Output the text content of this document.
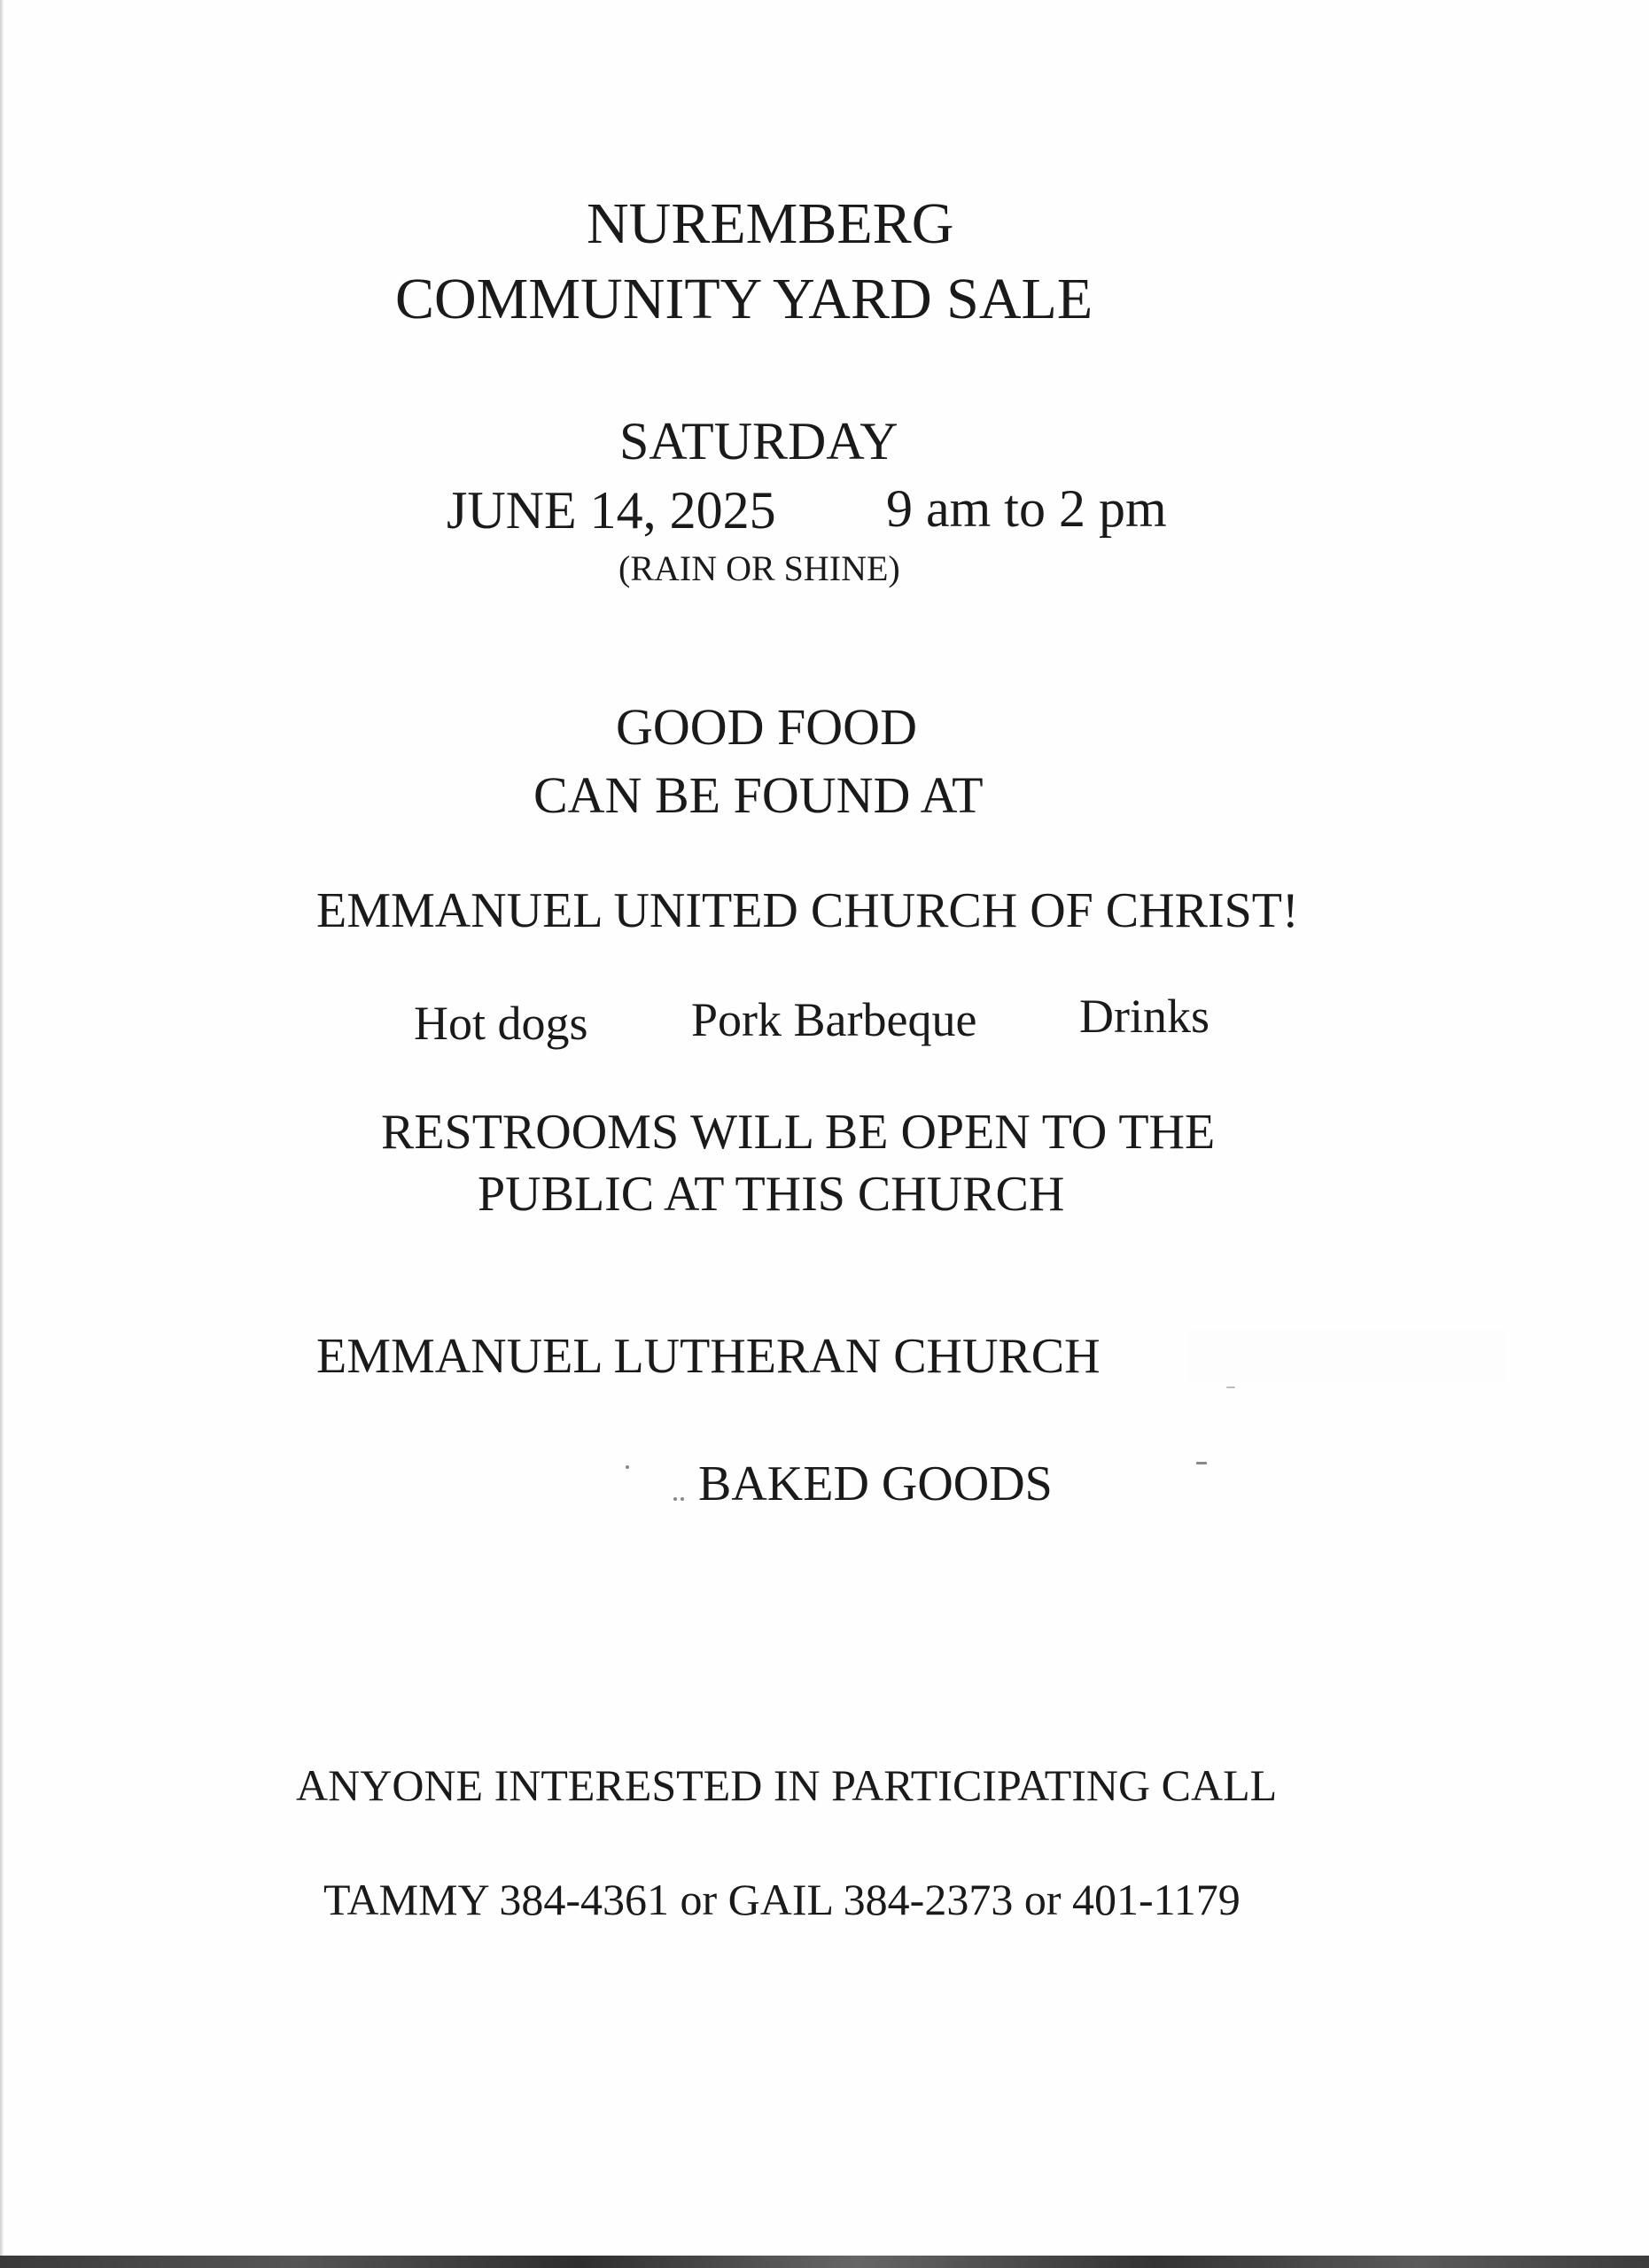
NUREMBERG
COMMUNITY YARD SALE
SATURDAY
JUNE 14, 2025 9 am to 2 pm
(RAIN OR SHINE)
GOOD FOOD
CAN BE FOUND AT
EMMANUEL UNITED CHURCH OF CHRIST!
Hot dogs Pork Barbeque Drinks
RESTROOMS WILL BE OPEN TO THE
PUBLIC AT THIS CHURCH
EMMANUEL LUTHERAN CHURCH
BAKED GOODS
ANYONE INTERESTED IN PARTICIPATING CALL
TAMMY 384-4361 or GAIL 384-2373 or 401-1179
